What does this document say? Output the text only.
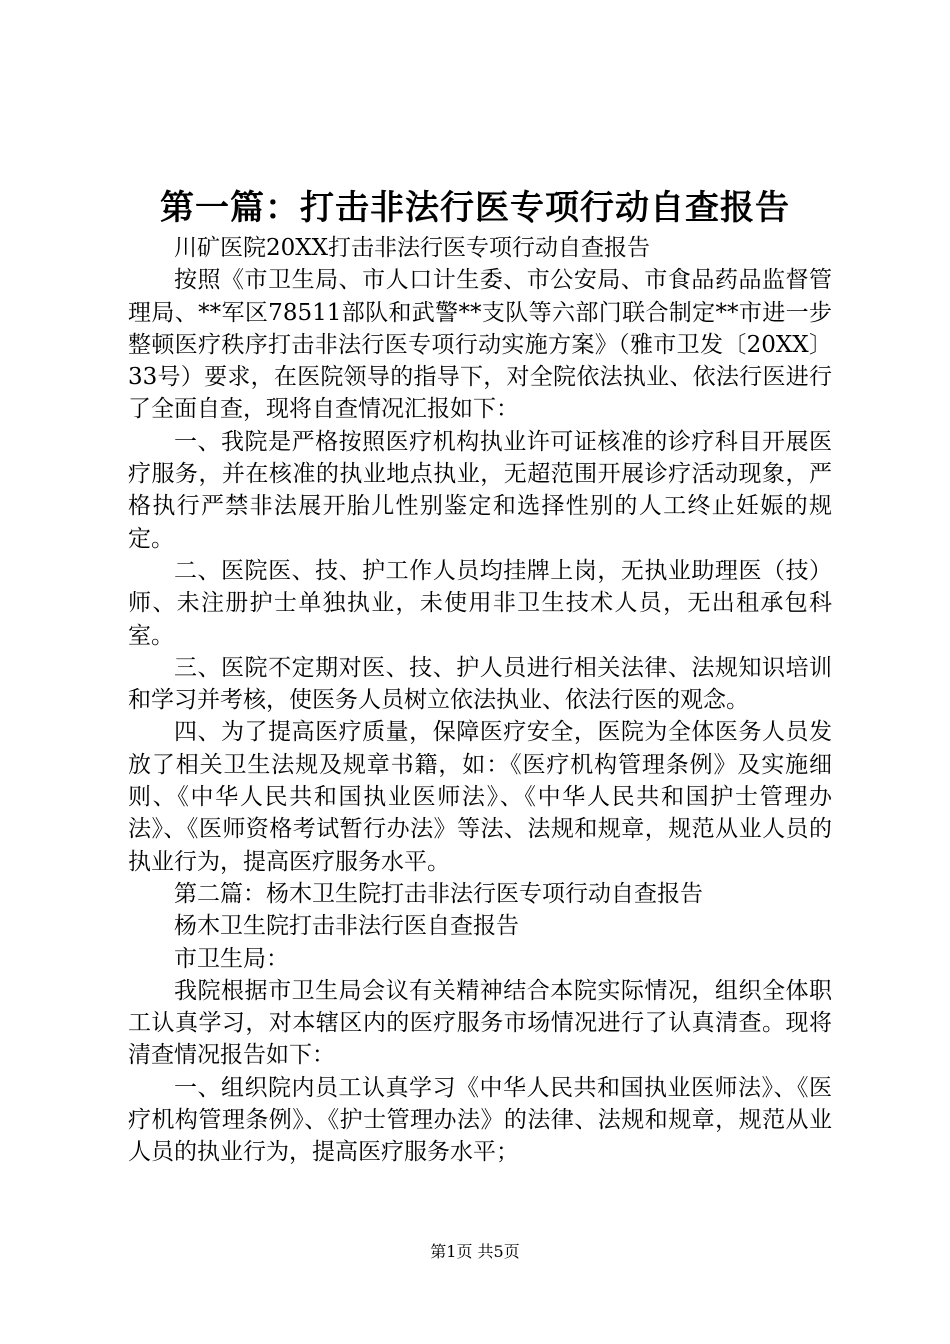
第一篇：打击非法行医专项行动自查报告

川矿医院20XX打击非法行医专项行动自查报告

按照《市卫生局、市人口计生委、市公安局、市食品药品监督管理局、**军区78511部队和武警**支队等六部门联合制定**市进一步整顿医疗秩序打击非法行医专项行动实施方案》（雅市卫发〔20XX〕33号）要求，在医院领导的指导下，对全院依法执业、依法行医进行了全面自查，现将自查情况汇报如下：

一、我院是严格按照医疗机构执业许可证核准的诊疗科目开展医疗服务，并在核准的执业地点执业，无超范围开展诊疗活动现象，严格执行严禁非法展开胎儿性别鉴定和选择性别的人工终止妊娠的规定。

二、医院医、技、护工作人员均挂牌上岗，无执业助理医（技）师、未注册护士单独执业，未使用非卫生技术人员，无出租承包科室。

三、医院不定期对医、技、护人员进行相关法律、法规知识培训和学习并考核，使医务人员树立依法执业、依法行医的观念。

四、为了提高医疗质量，保障医疗安全，医院为全体医务人员发放了相关卫生法规及规章书籍，如：《医疗机构管理条例》及实施细则、《中华人民共和国执业医师法》、《中华人民共和国护士管理办法》、《医师资格考试暂行办法》等法、法规和规章，规范从业人员的执业行为，提高医疗服务水平。

第二篇：杨木卫生院打击非法行医专项行动自查报告

杨木卫生院打击非法行医自查报告

市卫生局：

我院根据市卫生局会议有关精神结合本院实际情况，组织全体职工认真学习，对本辖区内的医疗服务市场情况进行了认真清查。现将清查情况报告如下：

一、组织院内员工认真学习《中华人民共和国执业医师法》、《医疗机构管理条例》、《护士管理办法》的法律、法规和规章，规范从业人员的执业行为，提高医疗服务水平；

第1页 共5页
